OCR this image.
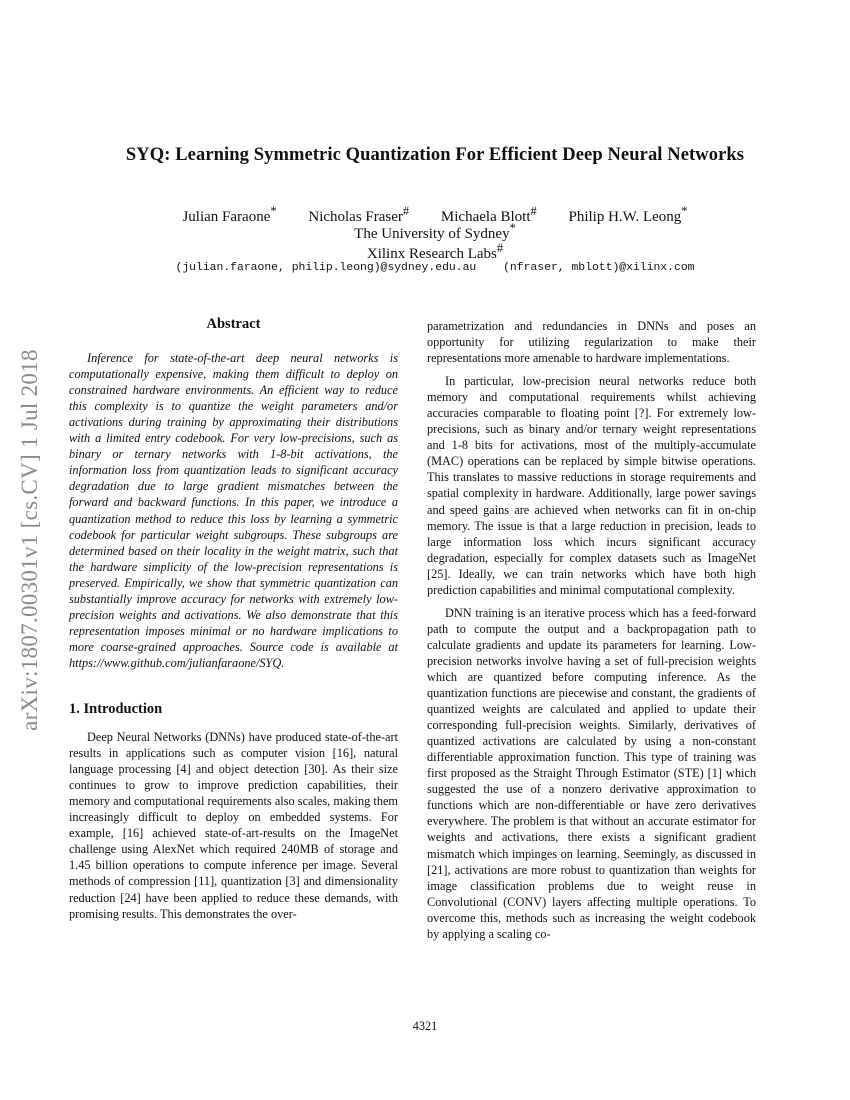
arXiv:1807.00301v1 [cs.CV] 1 Jul 2018
SYQ: Learning Symmetric Quantization For Efficient Deep Neural Networks
Julian Faraone* Nicholas Fraser# Michaela Blott# Philip H.W. Leong*
The University of Sydney*
Xilinx Research Labs#
(julian.faraone, philip.leong)@sydney.edu.au (nfraser, mblott)@xilinx.com
Abstract

Inference for state-of-the-art deep neural networks is computationally expensive, making them difficult to deploy on constrained hardware environments. An efficient way to reduce this complexity is to quantize the weight parameters and/or activations during training by approximating their distributions with a limited entry codebook. For very low-precisions, such as binary or ternary networks with 1-8-bit activations, the information loss from quantization leads to significant accuracy degradation due to large gradient mismatches between the forward and backward functions. In this paper, we introduce a quantization method to reduce this loss by learning a symmetric codebook for particular weight subgroups. These subgroups are determined based on their locality in the weight matrix, such that the hardware simplicity of the low-precision representations is preserved. Empirically, we show that symmetric quantization can substantially improve accuracy for networks with extremely low-precision weights and activations. We also demonstrate that this representation imposes minimal or no hardware implications to more coarse-grained approaches. Source code is available at https://www.github.com/julianfaraone/SYQ.

1. Introduction

Deep Neural Networks (DNNs) have produced state-of-the-art results in applications such as computer vision [16], natural language processing [4] and object detection [30]. As their size continues to grow to improve prediction capabilities, their memory and computational requirements also scales, making them increasingly difficult to deploy on embedded systems. For example, [16] achieved state-of-art-results on the ImageNet challenge using AlexNet which required 240MB of storage and 1.45 billion operations to compute inference per image. Several methods of compression [11], quantization [3] and dimensionality reduction [24] have been applied to reduce these demands, with promising results. This demonstrates the over-

parametrization and redundancies in DNNs and poses an opportunity for utilizing regularization to make their representations more amenable to hardware implementations.

In particular, low-precision neural networks reduce both memory and computational requirements whilst achieving accuracies comparable to floating point [?]. For extremely low-precisions, such as binary and/or ternary weight representations and 1-8 bits for activations, most of the multiply-accumulate (MAC) operations can be replaced by simple bitwise operations. This translates to massive reductions in storage requirements and spatial complexity in hardware. Additionally, large power savings and speed gains are achieved when networks can fit in on-chip memory. The issue is that a large reduction in precision, leads to large information loss which incurs significant accuracy degradation, especially for complex datasets such as ImageNet [25]. Ideally, we can train networks which have both high prediction capabilities and minimal computational complexity.

DNN training is an iterative process which has a feed-forward path to compute the output and a backpropagation path to calculate gradients and update its parameters for learning. Low-precision networks involve having a set of full-precision weights which are quantized before computing inference. As the quantization functions are piecewise and constant, the gradients of quantized weights are calculated and applied to update their corresponding full-precision weights. Similarly, derivatives of quantized activations are calculated by using a non-constant differentiable approximation function. This type of training was first proposed as the Straight Through Estimator (STE) [1] which suggested the use of a nonzero derivative approximation to functions which are non-differentiable or have zero derivatives everywhere. The problem is that without an accurate estimator for weights and activations, there exists a significant gradient mismatch which impinges on learning. Seemingly, as discussed in [21], activations are more robust to quantization than weights for image classification problems due to weight reuse in Convolutional (CONV) layers affecting multiple operations. To overcome this, methods such as increasing the weight codebook by applying a scaling co-

4321
